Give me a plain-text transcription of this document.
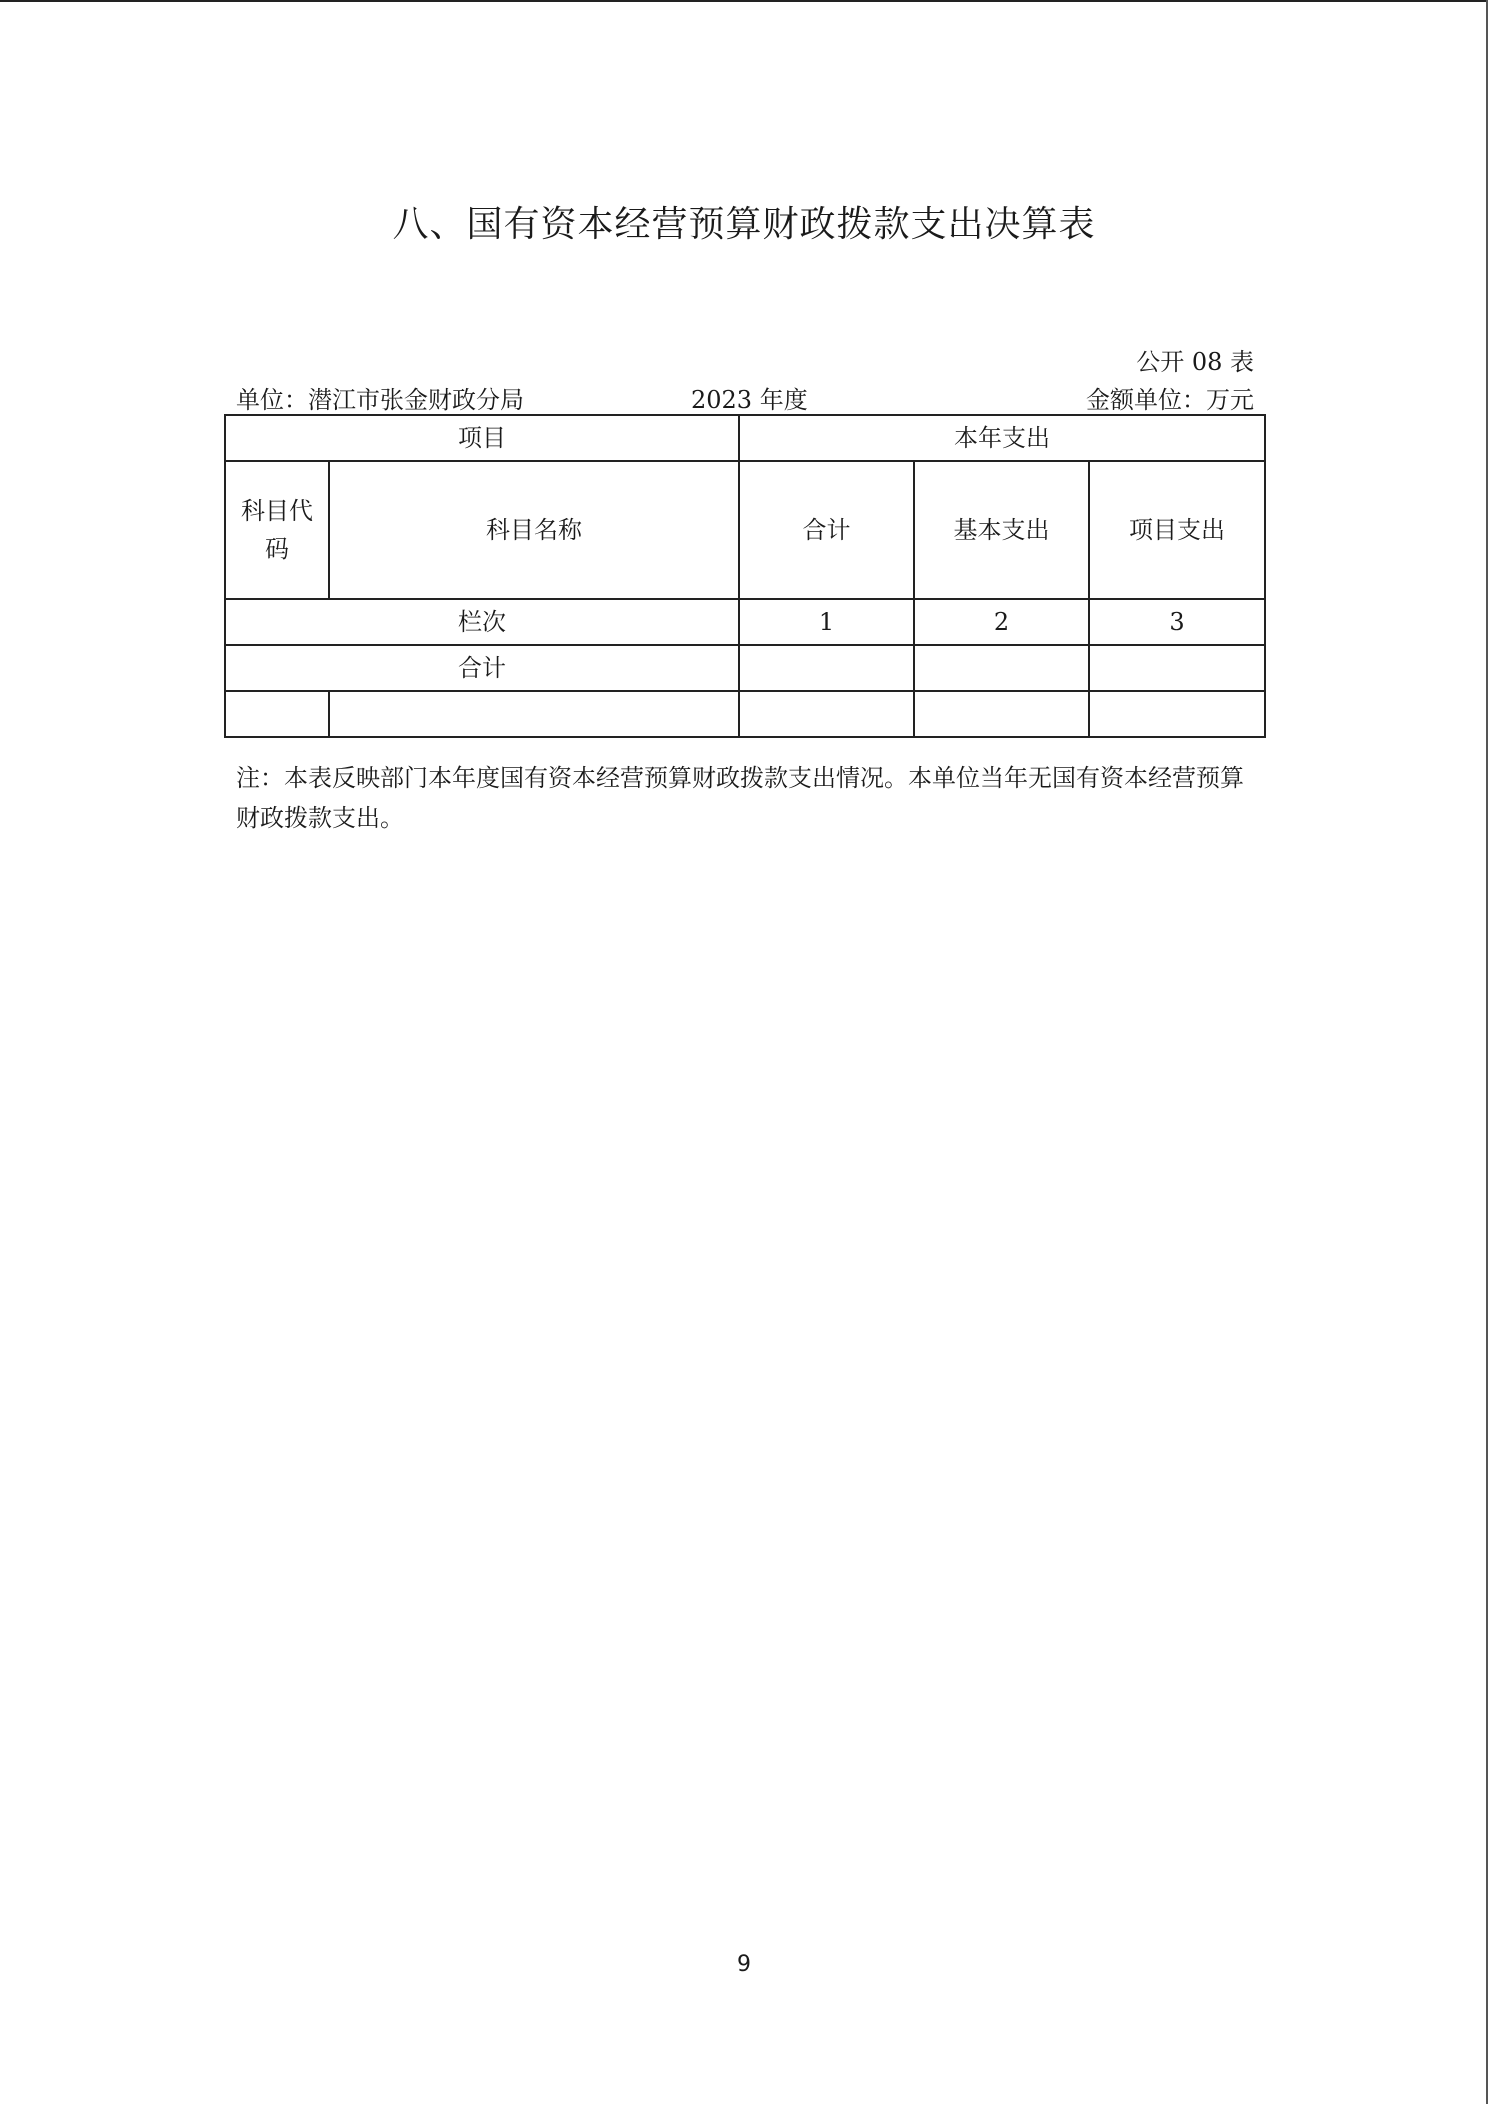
八、国有资本经营预算财政拨款支出决算表
公开 08 表
单位：潜江市张金财政分局	2023 年度	金额单位：万元
项目		本年支出		
科目代码	科目名称	合计	基本支出	项目支出
栏次		1	2	3
合计				

注：本表反映部门本年度国有资本经营预算财政拨款支出情况。本单位当年无国有资本经营预算财政拨款支出。
9
